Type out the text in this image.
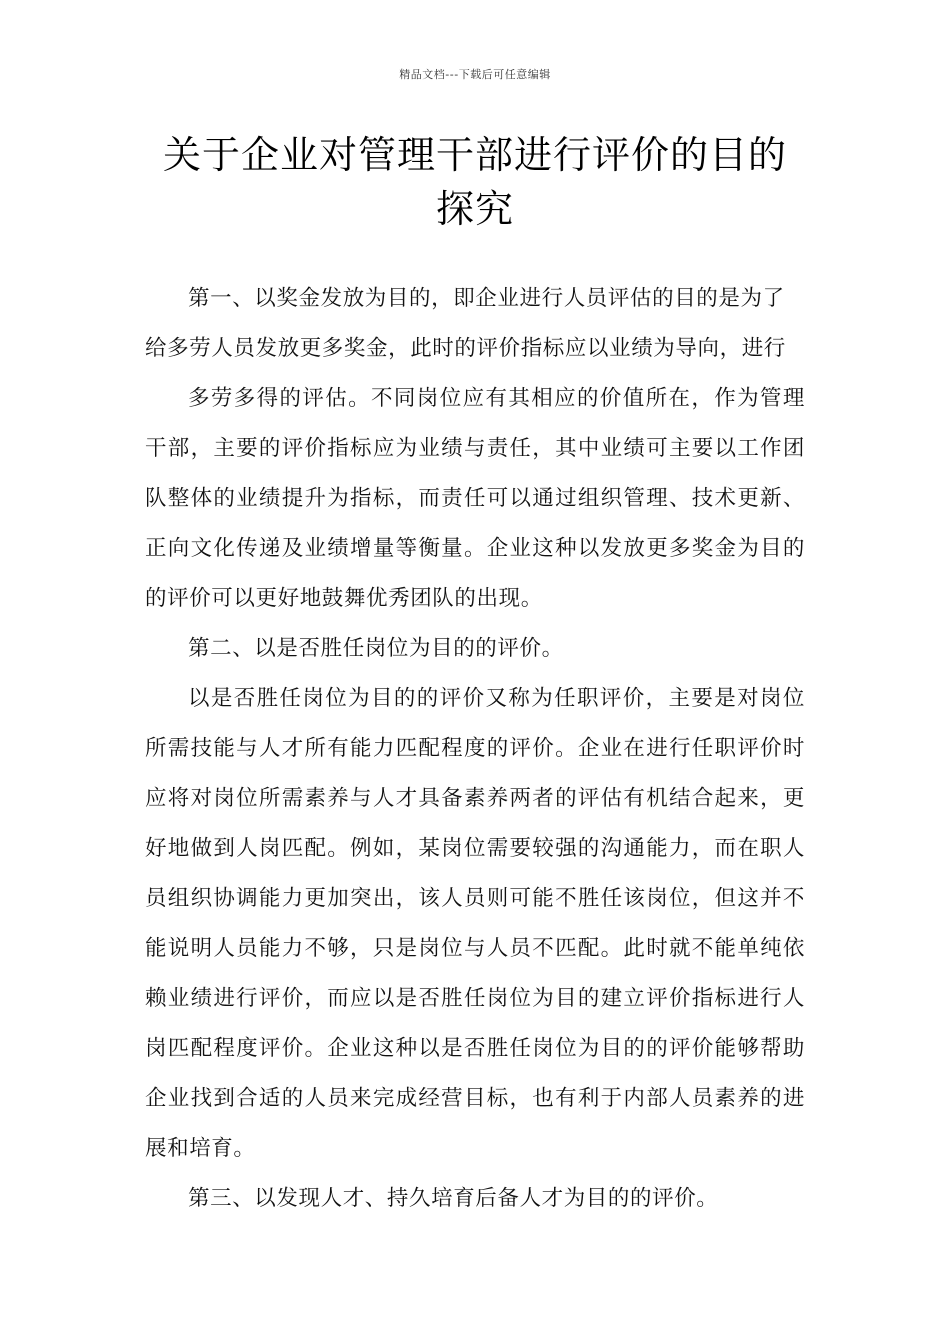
精品文档---下载后可任意编辑
关于企业对管理干部进行评价的目的探究

第一、以奖金发放为目的，即企业进行人员评估的目的是为了

给多劳人员发放更多奖金，此时的评价指标应以业绩为导向，进行

多劳多得的评估。不同岗位应有其相应的价值所在，作为管理干部，主要的评价指标应为业绩与责任，其中业绩可主要以工作团队整体的业绩提升为指标，而责任可以通过组织管理、技术更新、正向文化传递及业绩增量等衡量。企业这种以发放更多奖金为目的的评价可以更好地鼓舞优秀团队的出现。

第二、以是否胜任岗位为目的的评价。

以是否胜任岗位为目的的评价又称为任职评价，主要是对岗位所需技能与人才所有能力匹配程度的评价。企业在进行任职评价时应将对岗位所需素养与人才具备素养两者的评估有机结合起来，更好地做到人岗匹配。例如，某岗位需要较强的沟通能力，而在职人员组织协调能力更加突出，该人员则可能不胜任该岗位，但这并不能说明人员能力不够，只是岗位与人员不匹配。此时就不能单纯依赖业绩进行评价，而应以是否胜任岗位为目的建立评价指标进行人岗匹配程度评价。企业这种以是否胜任岗位为目的的评价能够帮助企业找到合适的人员来完成经营目标，也有利于内部人员素养的进展和培育。

第三、以发现人才、持久培育后备人才为目的的评价。
